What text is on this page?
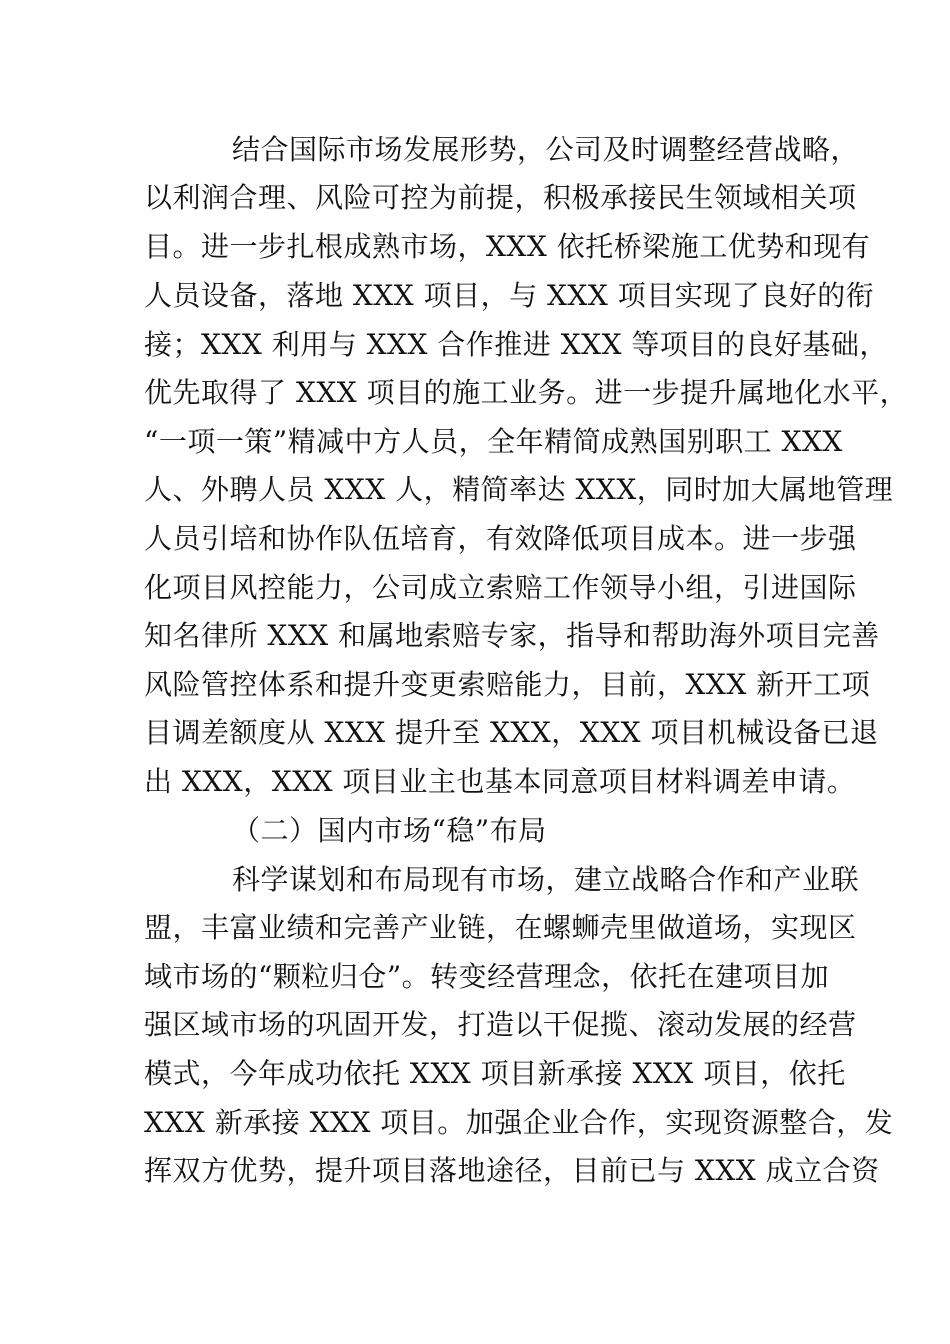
结合国际市场发展形势，公司及时调整经营战略，
以利润合理、风险可控为前提，积极承接民生领域相关项
目。进一步扎根成熟市场，XXX 依托桥梁施工优势和现有
人员设备，落地 XXX 项目，与 XXX 项目实现了良好的衔
接；XXX 利用与 XXX 合作推进 XXX 等项目的良好基础，
优先取得了 XXX 项目的施工业务。进一步提升属地化水平，
“一项一策”精减中方人员，全年精简成熟国别职工 XXX
人、外聘人员 XXX 人，精简率达 XXX，同时加大属地管理
人员引培和协作队伍培育，有效降低项目成本。进一步强
化项目风控能力，公司成立索赔工作领导小组，引进国际
知名律所 XXX 和属地索赔专家，指导和帮助海外项目完善
风险管控体系和提升变更索赔能力，目前，XXX 新开工项
目调差额度从 XXX 提升至 XXX，XXX 项目机械设备已退
出 XXX，XXX 项目业主也基本同意项目材料调差申请。
（二）国内市场“稳”布局
科学谋划和布局现有市场，建立战略合作和产业联
盟，丰富业绩和完善产业链，在螺蛳壳里做道场，实现区
域市场的“颗粒归仓”。转变经营理念，依托在建项目加
强区域市场的巩固开发，打造以干促揽、滚动发展的经营
模式，今年成功依托 XXX 项目新承接 XXX 项目，依托
XXX 新承接 XXX 项目。加强企业合作，实现资源整合，发
挥双方优势，提升项目落地途径，目前已与 XXX 成立合资
